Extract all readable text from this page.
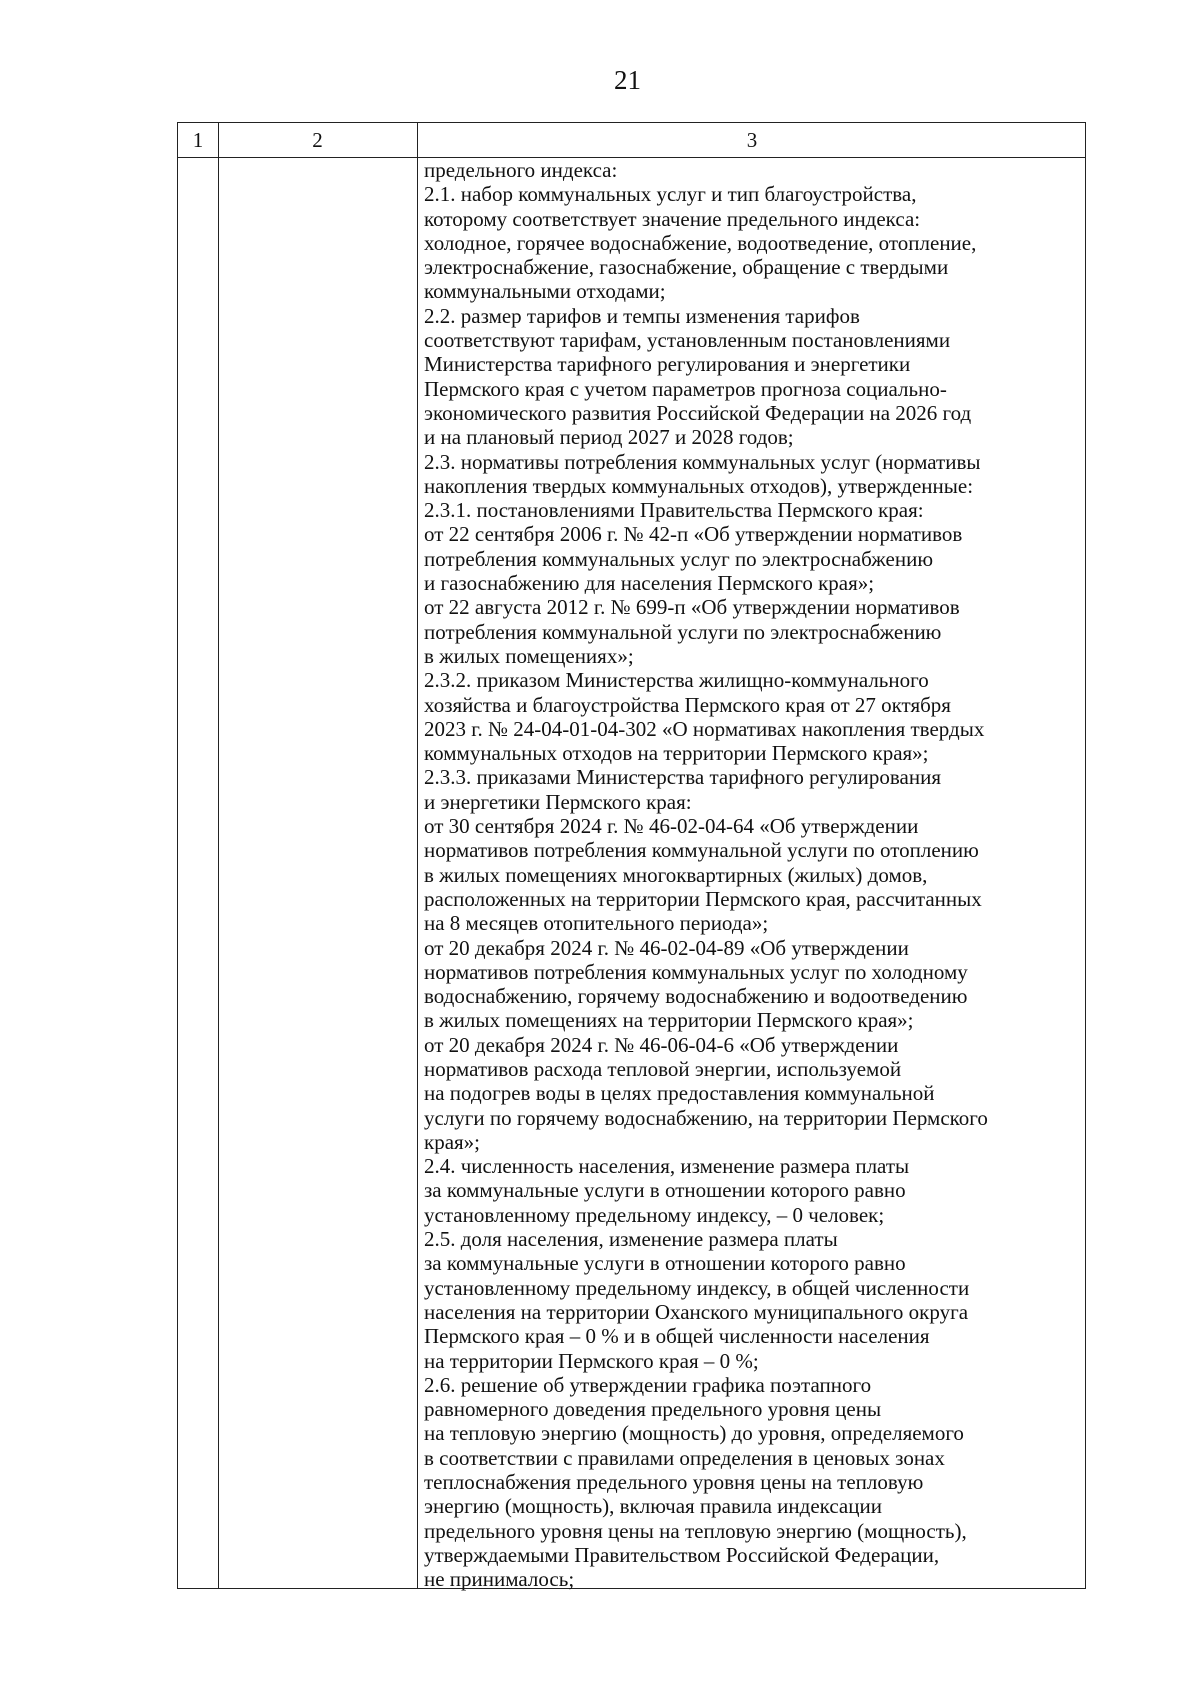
21
1	2	3
предельного индекса:
2.1. набор коммунальных услуг и тип благоустройства,
которому соответствует значение предельного индекса:
холодное, горячее водоснабжение, водоотведение, отопление,
электроснабжение, газоснабжение, обращение с твердыми
коммунальными отходами;
2.2. размер тарифов и темпы изменения тарифов
соответствуют тарифам, установленным постановлениями
Министерства тарифного регулирования и энергетики
Пермского края с учетом параметров прогноза социально-
экономического развития Российской Федерации на 2026 год
и на плановый период 2027 и 2028 годов;
2.3. нормативы потребления коммунальных услуг (нормативы
накопления твердых коммунальных отходов), утвержденные:
2.3.1. постановлениями Правительства Пермского края:
от 22 сентября 2006 г. № 42-п «Об утверждении нормативов
потребления коммунальных услуг по электроснабжению
и газоснабжению для населения Пермского края»;
от 22 августа 2012 г. № 699-п «Об утверждении нормативов
потребления коммунальной услуги по электроснабжению
в жилых помещениях»;
2.3.2. приказом Министерства жилищно-коммунального
хозяйства и благоустройства Пермского края от 27 октября
2023 г. № 24-04-01-04-302 «О нормативах накопления твердых
коммунальных отходов на территории Пермского края»;
2.3.3. приказами Министерства тарифного регулирования
и энергетики Пермского края:
от 30 сентября 2024 г. № 46-02-04-64 «Об утверждении
нормативов потребления коммунальной услуги по отоплению
в жилых помещениях многоквартирных (жилых) домов,
расположенных на территории Пермского края, рассчитанных
на 8 месяцев отопительного периода»;
от 20 декабря 2024 г. № 46-02-04-89 «Об утверждении
нормативов потребления коммунальных услуг по холодному
водоснабжению, горячему водоснабжению и водоотведению
в жилых помещениях на территории Пермского края»;
от 20 декабря 2024 г. № 46-06-04-6 «Об утверждении
нормативов расхода тепловой энергии, используемой
на подогрев воды в целях предоставления коммунальной
услуги по горячему водоснабжению, на территории Пермского
края»;
2.4. численность населения, изменение размера платы
за коммунальные услуги в отношении которого равно
установленному предельному индексу, – 0 человек;
2.5. доля населения, изменение размера платы
за коммунальные услуги в отношении которого равно
установленному предельному индексу, в общей численности
населения на территории Оханского муниципального округа
Пермского края – 0 % и в общей численности населения
на территории Пермского края – 0 %;
2.6. решение об утверждении графика поэтапного
равномерного доведения предельного уровня цены
на тепловую энергию (мощность) до уровня, определяемого
в соответствии с правилами определения в ценовых зонах
теплоснабжения предельного уровня цены на тепловую
энергию (мощность), включая правила индексации
предельного уровня цены на тепловую энергию (мощность),
утверждаемыми Правительством Российской Федерации,
не принималось;
